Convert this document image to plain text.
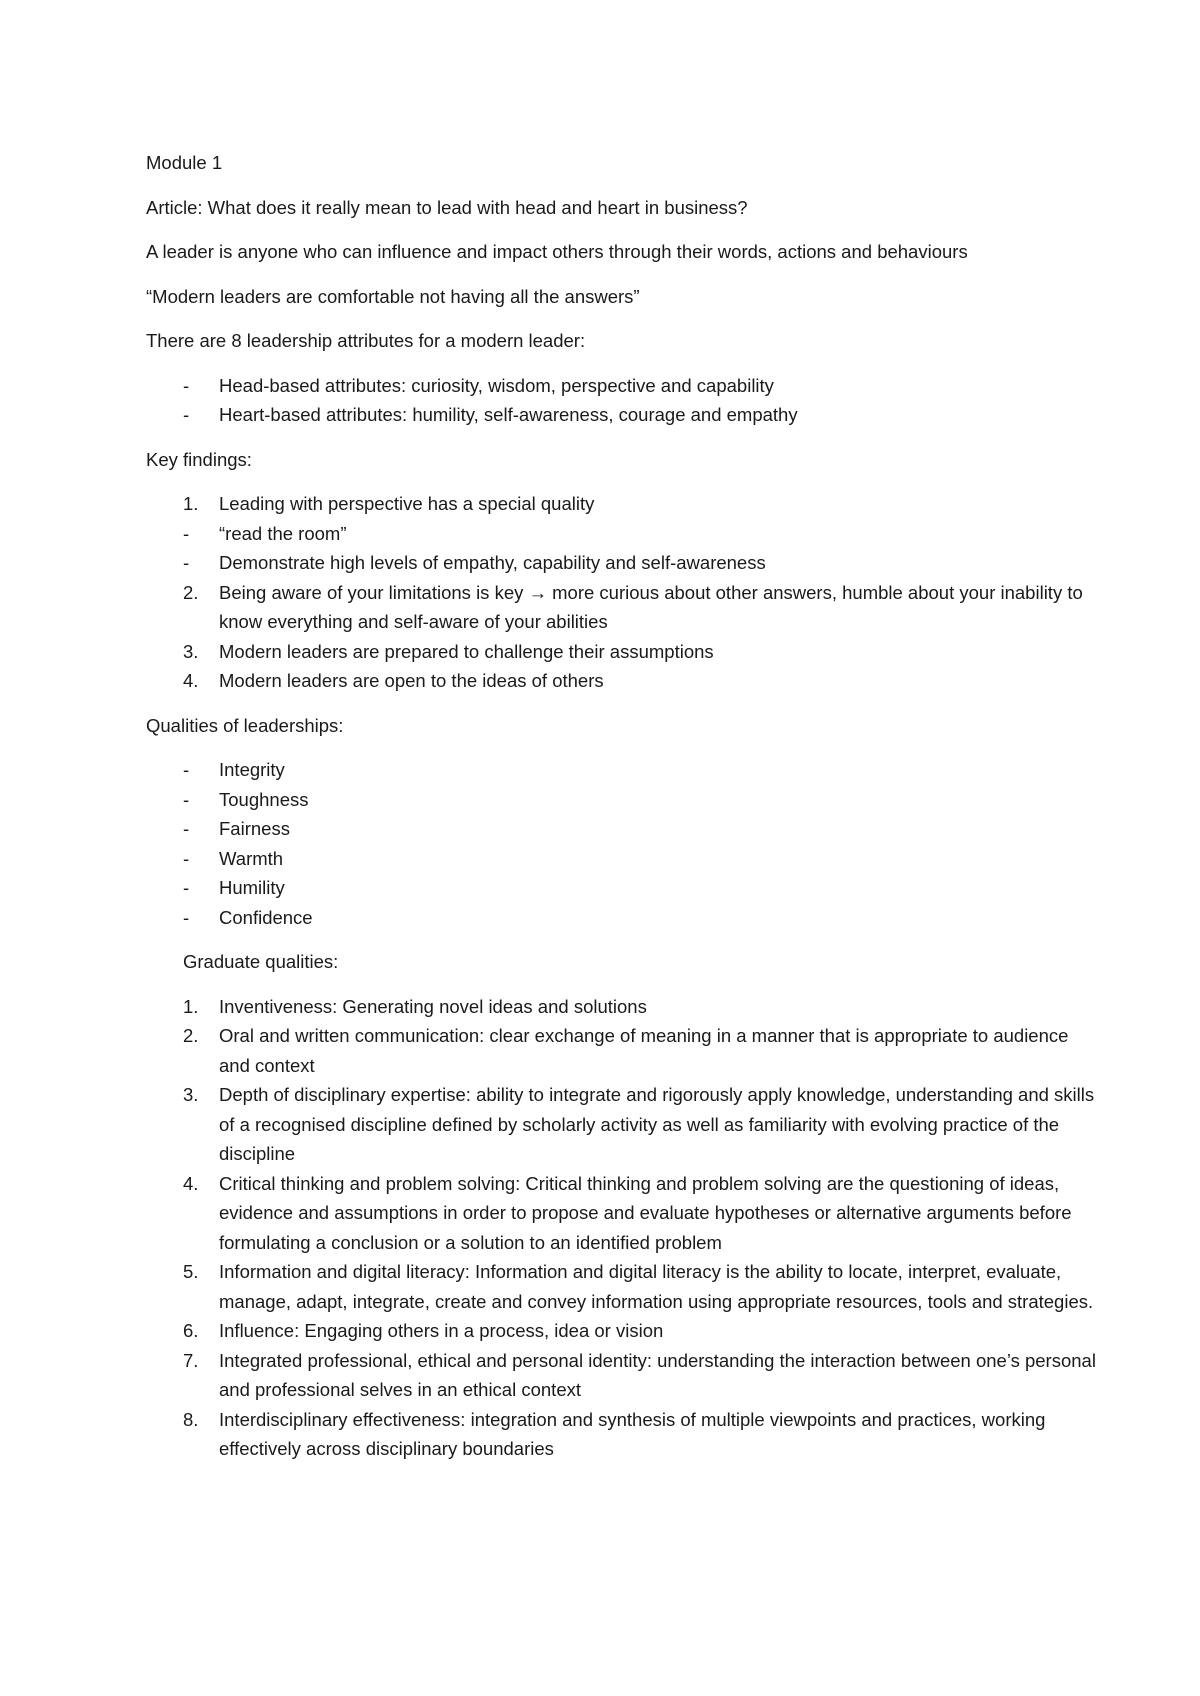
Module 1

Article: What does it really mean to lead with head and heart in business?

A leader is anyone who can influence and impact others through their words, actions and behaviours

“Modern leaders are comfortable not having all the answers”

There are 8 leadership attributes for a modern leader:

- Head-based attributes: curiosity, wisdom, perspective and capability
- Heart-based attributes: humility, self-awareness, courage and empathy

Key findings:

1. Leading with perspective has a special quality
- “read the room”
- Demonstrate high levels of empathy, capability and self-awareness
2. Being aware of your limitations is key → more curious about other answers, humble about your inability to know everything and self-aware of your abilities
3. Modern leaders are prepared to challenge their assumptions
4. Modern leaders are open to the ideas of others

Qualities of leaderships:

- Integrity
- Toughness
- Fairness
- Warmth
- Humility
- Confidence

Graduate qualities:

1. Inventiveness: Generating novel ideas and solutions
2. Oral and written communication: clear exchange of meaning in a manner that is appropriate to audience and context
3. Depth of disciplinary expertise: ability to integrate and rigorously apply knowledge, understanding and skills of a recognised discipline defined by scholarly activity as well as familiarity with evolving practice of the discipline
4. Critical thinking and problem solving: Critical thinking and problem solving are the questioning of ideas, evidence and assumptions in order to propose and evaluate hypotheses or alternative arguments before formulating a conclusion or a solution to an identified problem
5. Information and digital literacy: Information and digital literacy is the ability to locate, interpret, evaluate, manage, adapt, integrate, create and convey information using appropriate resources, tools and strategies.
6. Influence: Engaging others in a process, idea or vision
7. Integrated professional, ethical and personal identity: understanding the interaction between one’s personal and professional selves in an ethical context
8. Interdisciplinary effectiveness: integration and synthesis of multiple viewpoints and practices, working effectively across disciplinary boundaries
